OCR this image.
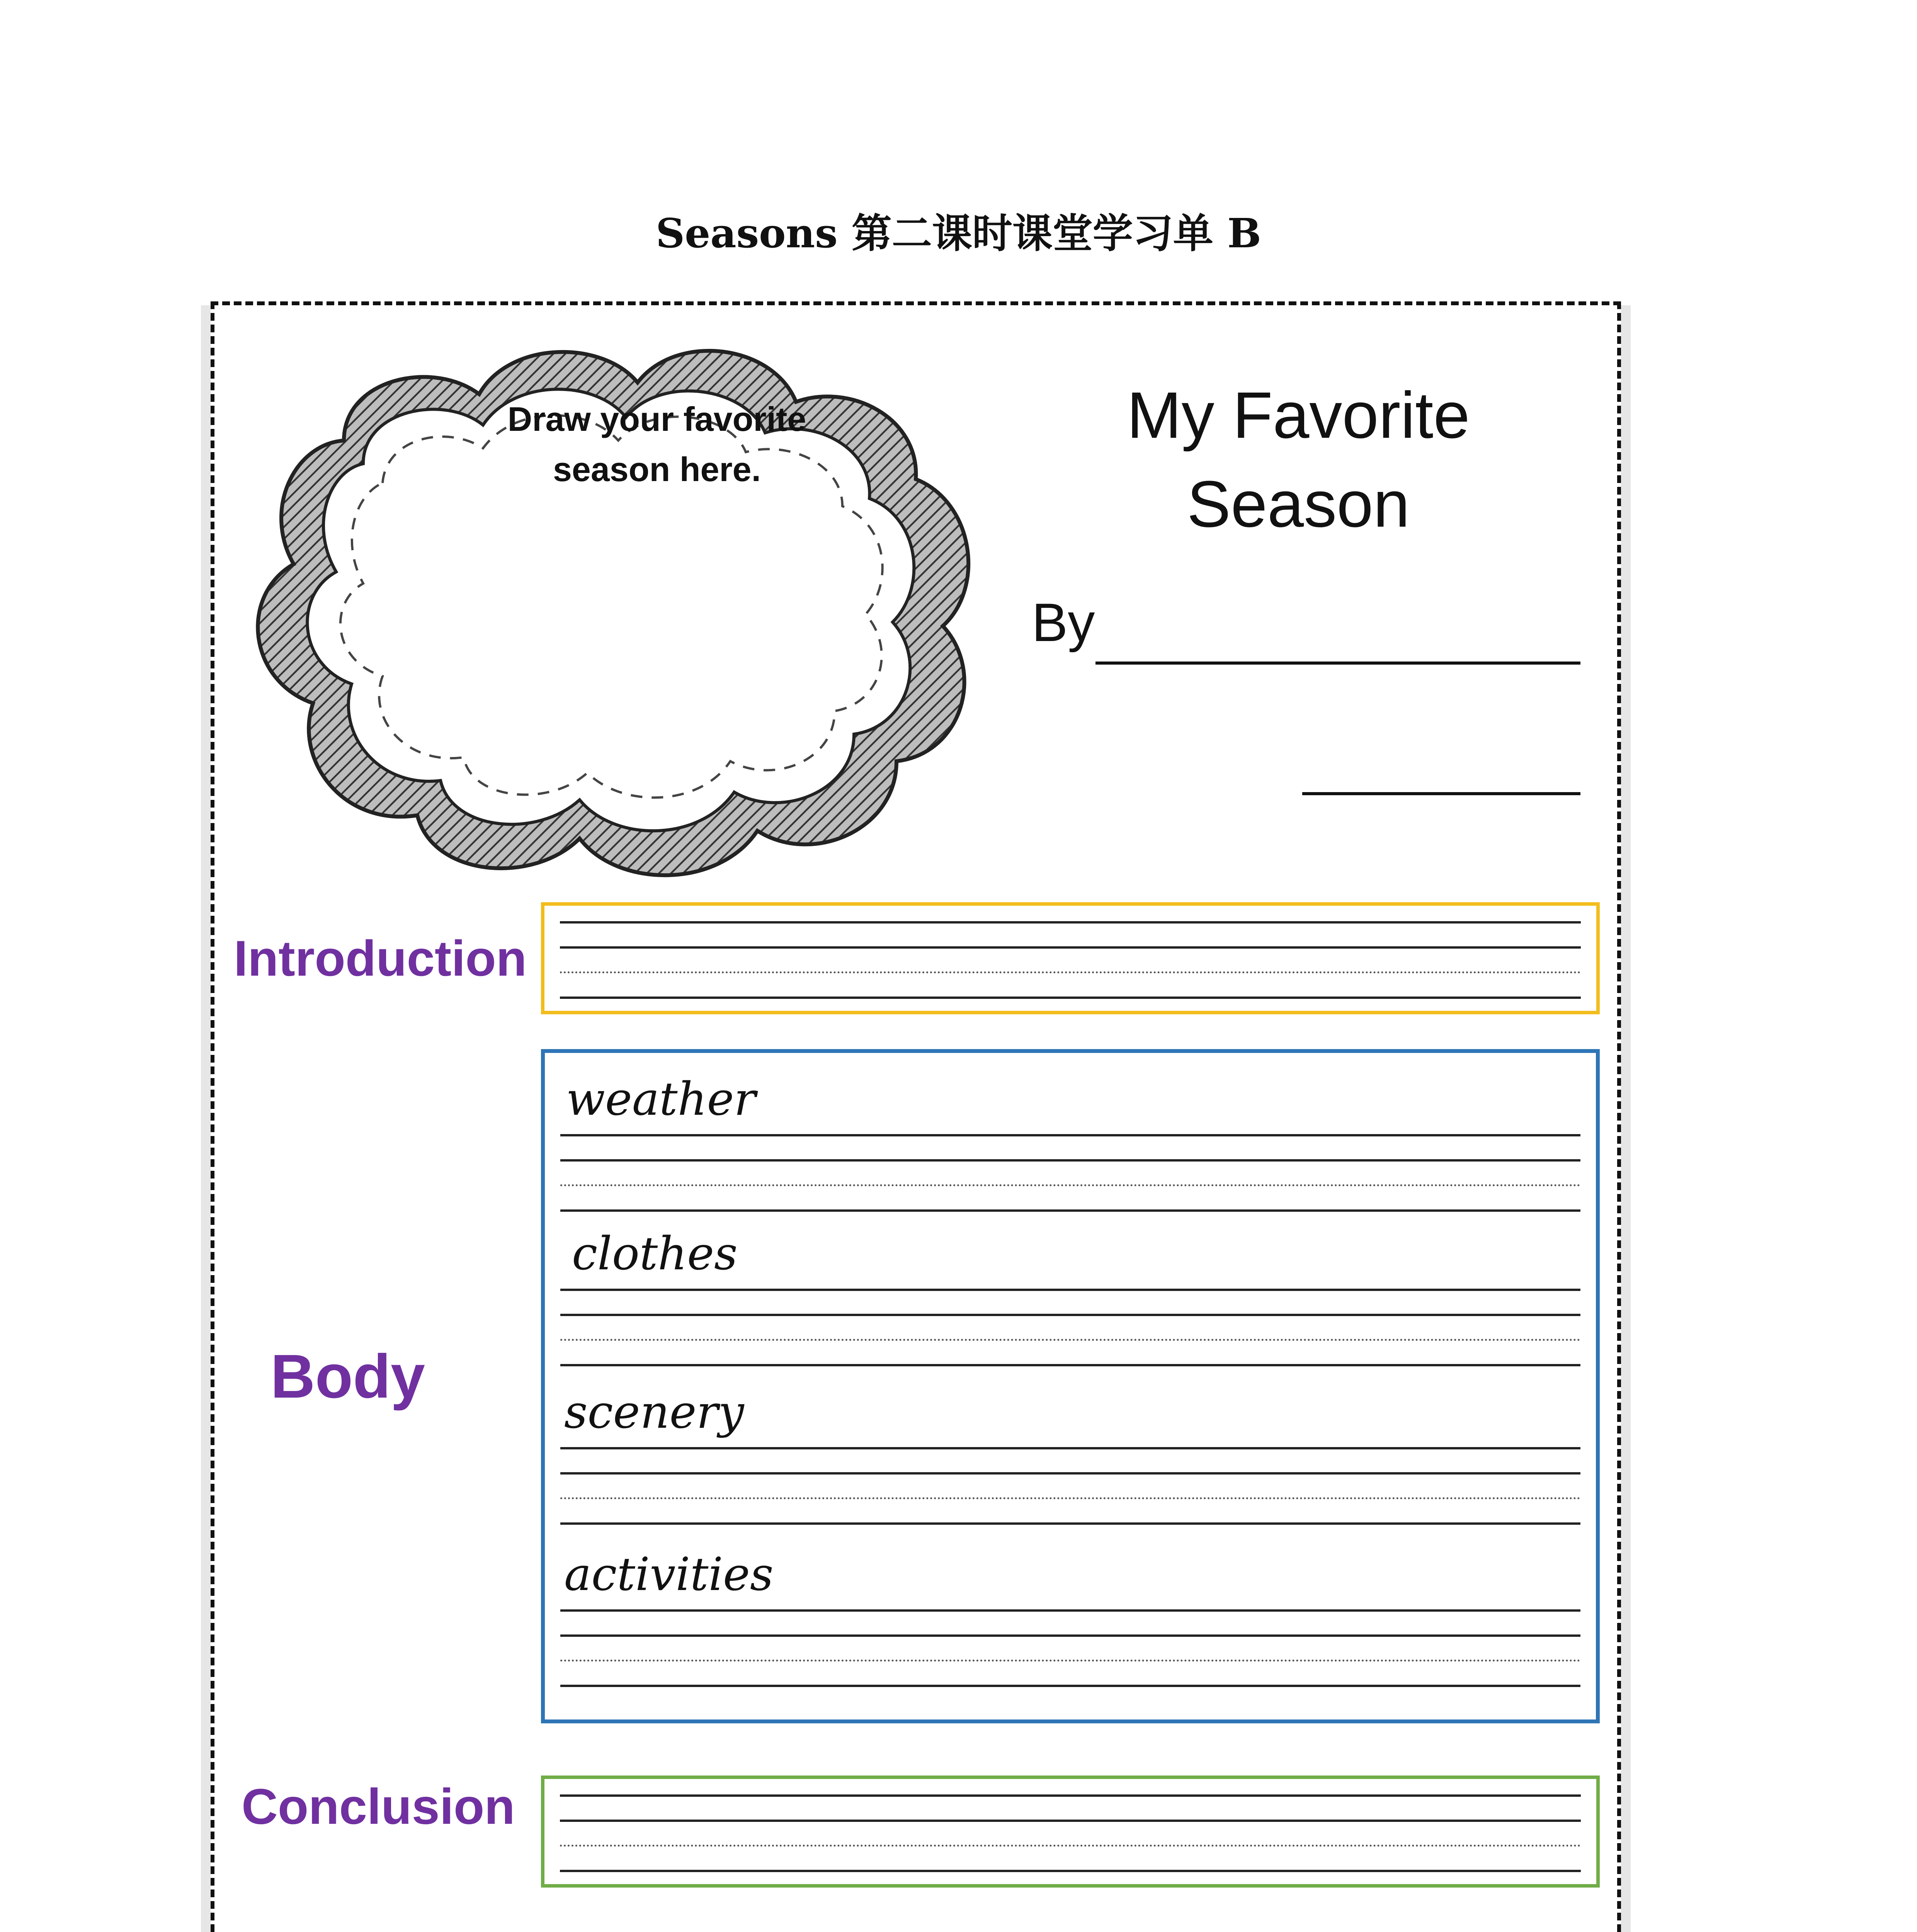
Seasons 第二课时课堂学习单 B
Draw your favorite
season here.
My Favorite
Season
By
Introduction
Body
weather
clothes
scenery
activities
Conclusion
